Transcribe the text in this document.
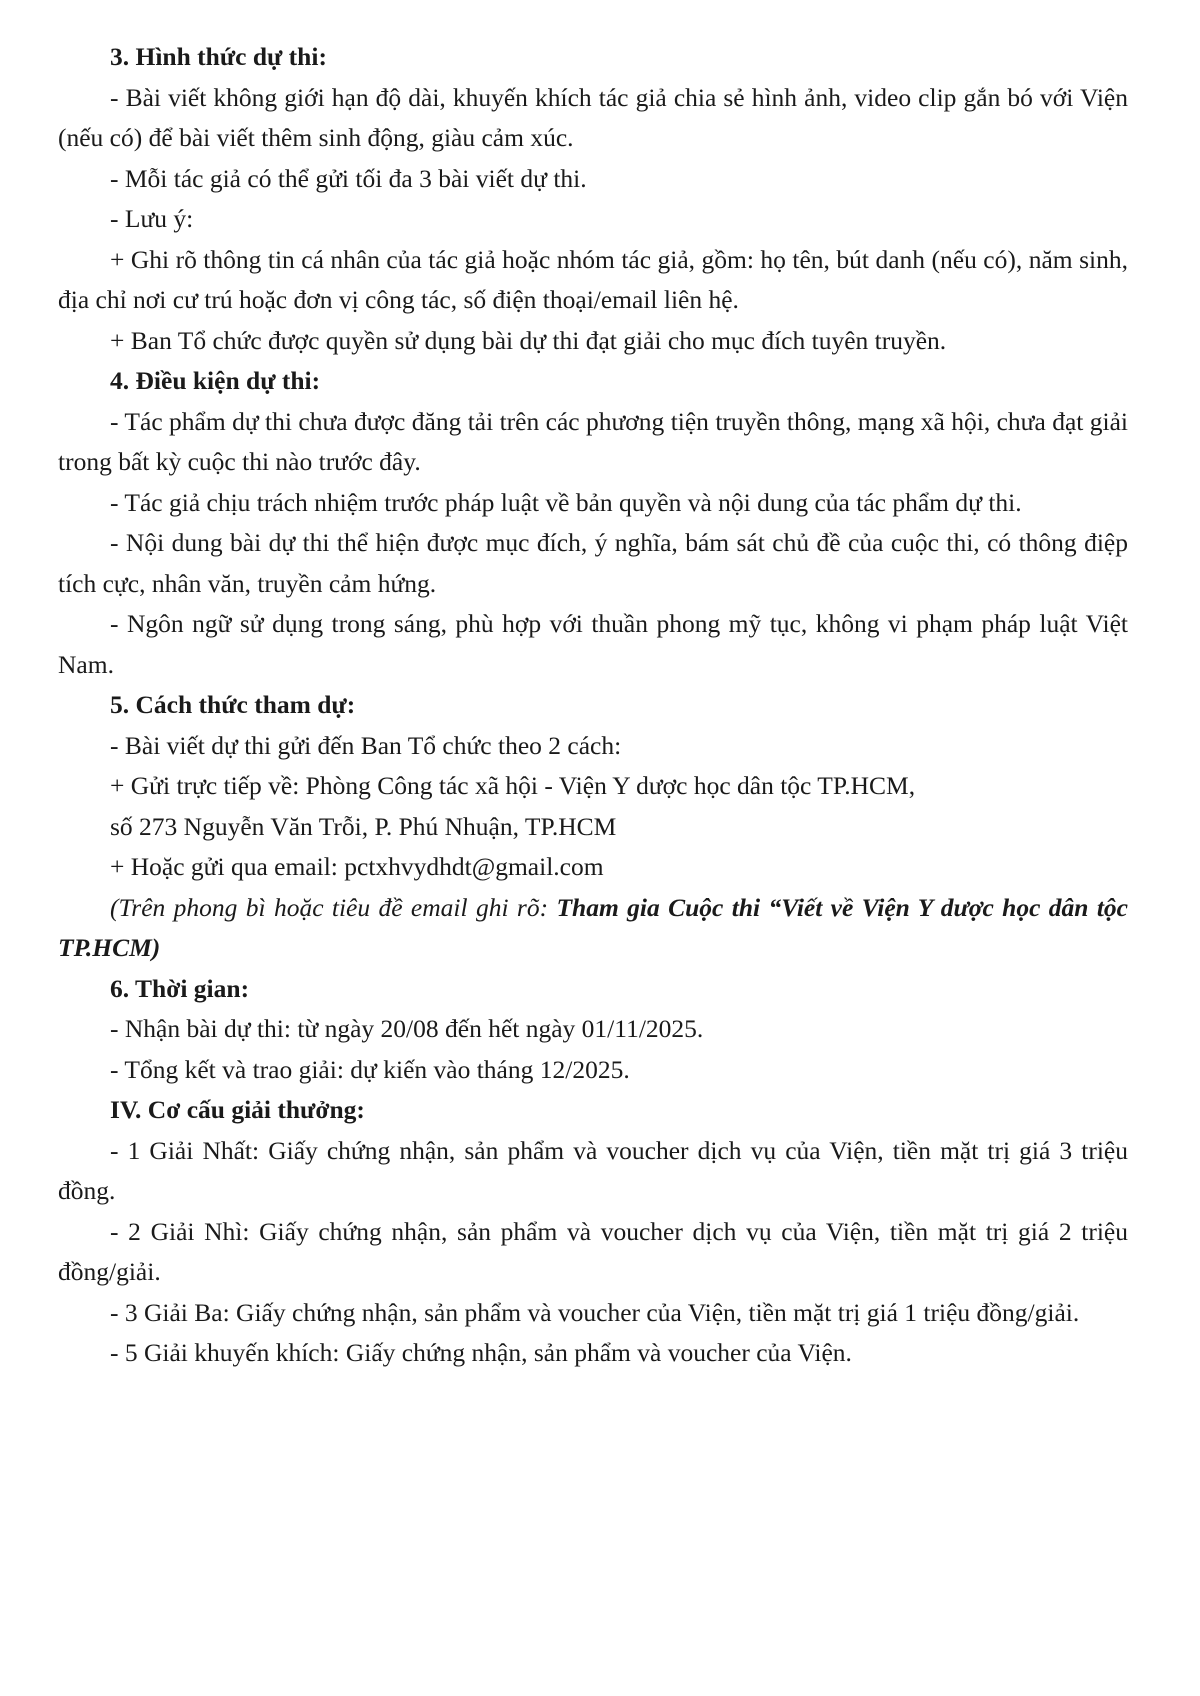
3. Hình thức dự thi:

- Bài viết không giới hạn độ dài, khuyến khích tác giả chia sẻ hình ảnh, video clip gắn bó với Viện (nếu có) để bài viết thêm sinh động, giàu cảm xúc.

- Mỗi tác giả có thể gửi tối đa 3 bài viết dự thi.

- Lưu ý:

+ Ghi rõ thông tin cá nhân của tác giả hoặc nhóm tác giả, gồm: họ tên, bút danh (nếu có), năm sinh, địa chỉ nơi cư trú hoặc đơn vị công tác, số điện thoại/email liên hệ.

+ Ban Tổ chức được quyền sử dụng bài dự thi đạt giải cho mục đích tuyên truyền.

4. Điều kiện dự thi:

- Tác phẩm dự thi chưa được đăng tải trên các phương tiện truyền thông, mạng xã hội, chưa đạt giải trong bất kỳ cuộc thi nào trước đây.

- Tác giả chịu trách nhiệm trước pháp luật về bản quyền và nội dung của tác phẩm dự thi.

- Nội dung bài dự thi thể hiện được mục đích, ý nghĩa, bám sát chủ đề của cuộc thi, có thông điệp tích cực, nhân văn, truyền cảm hứng.

- Ngôn ngữ sử dụng trong sáng, phù hợp với thuần phong mỹ tục, không vi phạm pháp luật Việt Nam.

5. Cách thức tham dự:

- Bài viết dự thi gửi đến Ban Tổ chức theo 2 cách:

+ Gửi trực tiếp về: Phòng Công tác xã hội - Viện Y dược học dân tộc TP.HCM,

số 273 Nguyễn Văn Trỗi, P. Phú Nhuận, TP.HCM

+ Hoặc gửi qua email: pctxhvydhdt@gmail.com

(Trên phong bì hoặc tiêu đề email ghi rõ: Tham gia Cuộc thi “Viết về Viện Y dược học dân tộc TP.HCM)

6. Thời gian:

- Nhận bài dự thi: từ ngày 20/08 đến hết ngày 01/11/2025.

- Tổng kết và trao giải: dự kiến vào tháng 12/2025.

IV. Cơ cấu giải thưởng:

- 1 Giải Nhất: Giấy chứng nhận, sản phẩm và voucher dịch vụ của Viện, tiền mặt trị giá 3 triệu đồng.

- 2 Giải Nhì: Giấy chứng nhận, sản phẩm và voucher dịch vụ của Viện, tiền mặt trị giá 2 triệu đồng/giải.

- 3 Giải Ba: Giấy chứng nhận, sản phẩm và voucher của Viện, tiền mặt trị giá 1 triệu đồng/giải.

- 5 Giải khuyến khích: Giấy chứng nhận, sản phẩm và voucher của Viện.
